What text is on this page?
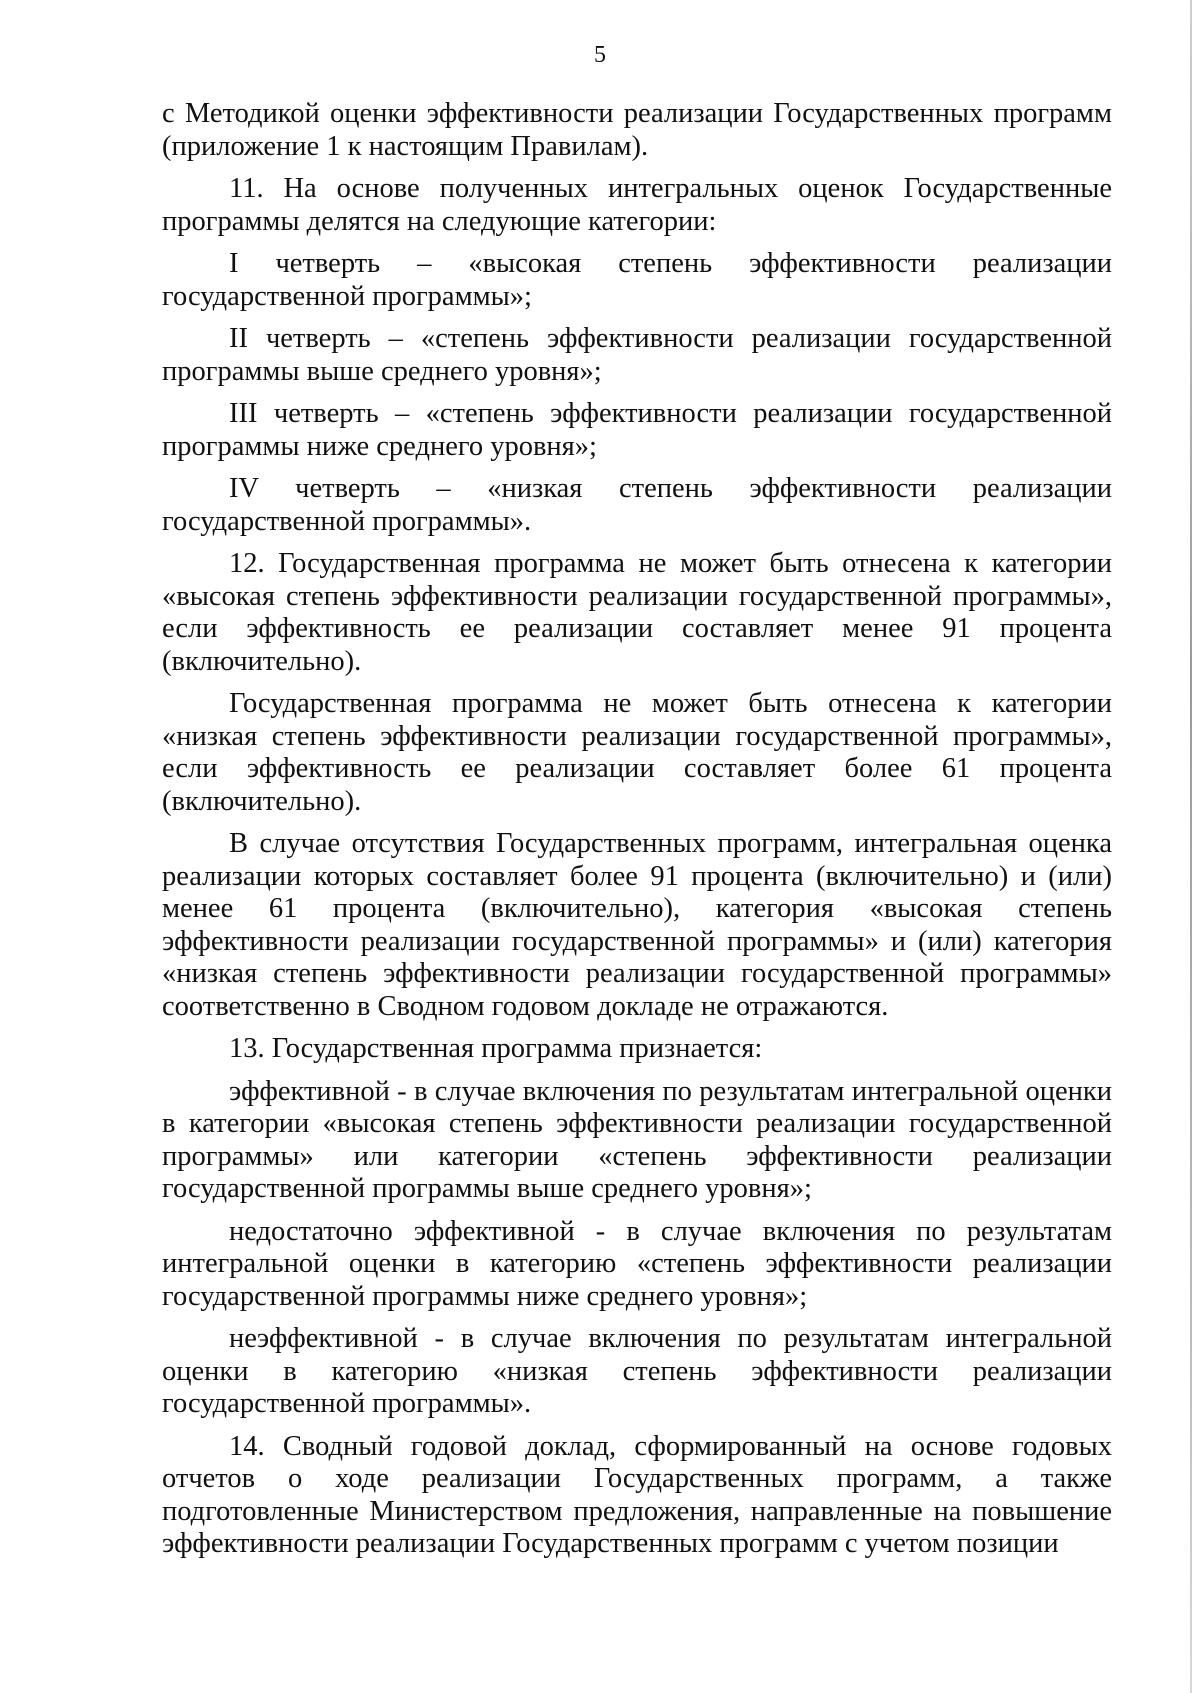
5

с Методикой оценки эффективности реализации Государственных программ (приложение 1 к настоящим Правилам).

11. На основе полученных интегральных оценок Государственные программы делятся на следующие категории:

I четверть – «высокая степень эффективности реализации государственной программы»;

II четверть – «степень эффективности реализации государственной программы выше среднего уровня»;

III четверть – «степень эффективности реализации государственной программы ниже среднего уровня»;

IV четверть – «низкая степень эффективности реализации государственной программы».

12. Государственная программа не может быть отнесена к категории «высокая степень эффективности реализации государственной программы», если эффективность ее реализации составляет менее 91 процента (включительно).

Государственная программа не может быть отнесена к категории «низкая степень эффективности реализации государственной программы», если эффективность ее реализации составляет более 61 процента (включительно).

В случае отсутствия Государственных программ, интегральная оценка реализации которых составляет более 91 процента (включительно) и (или) менее 61 процента (включительно), категория «высокая степень эффективности реализации государственной программы» и (или) категория «низкая степень эффективности реализации государственной программы» соответственно в Сводном годовом докладе не отражаются.

13. Государственная программа признается:

эффективной - в случае включения по результатам интегральной оценки в категории «высокая степень эффективности реализации государственной программы» или категории «степень эффективности реализации государственной программы выше среднего уровня»;

недостаточно эффективной - в случае включения по результатам интегральной оценки в категорию «степень эффективности реализации государственной программы ниже среднего уровня»;

неэффективной - в случае включения по результатам интегральной оценки в категорию «низкая степень эффективности реализации государственной программы».

14. Сводный годовой доклад, сформированный на основе годовых отчетов о ходе реализации Государственных программ, а также подготовленные Министерством предложения, направленные на повышение эффективности реализации Государственных программ с учетом позиции
